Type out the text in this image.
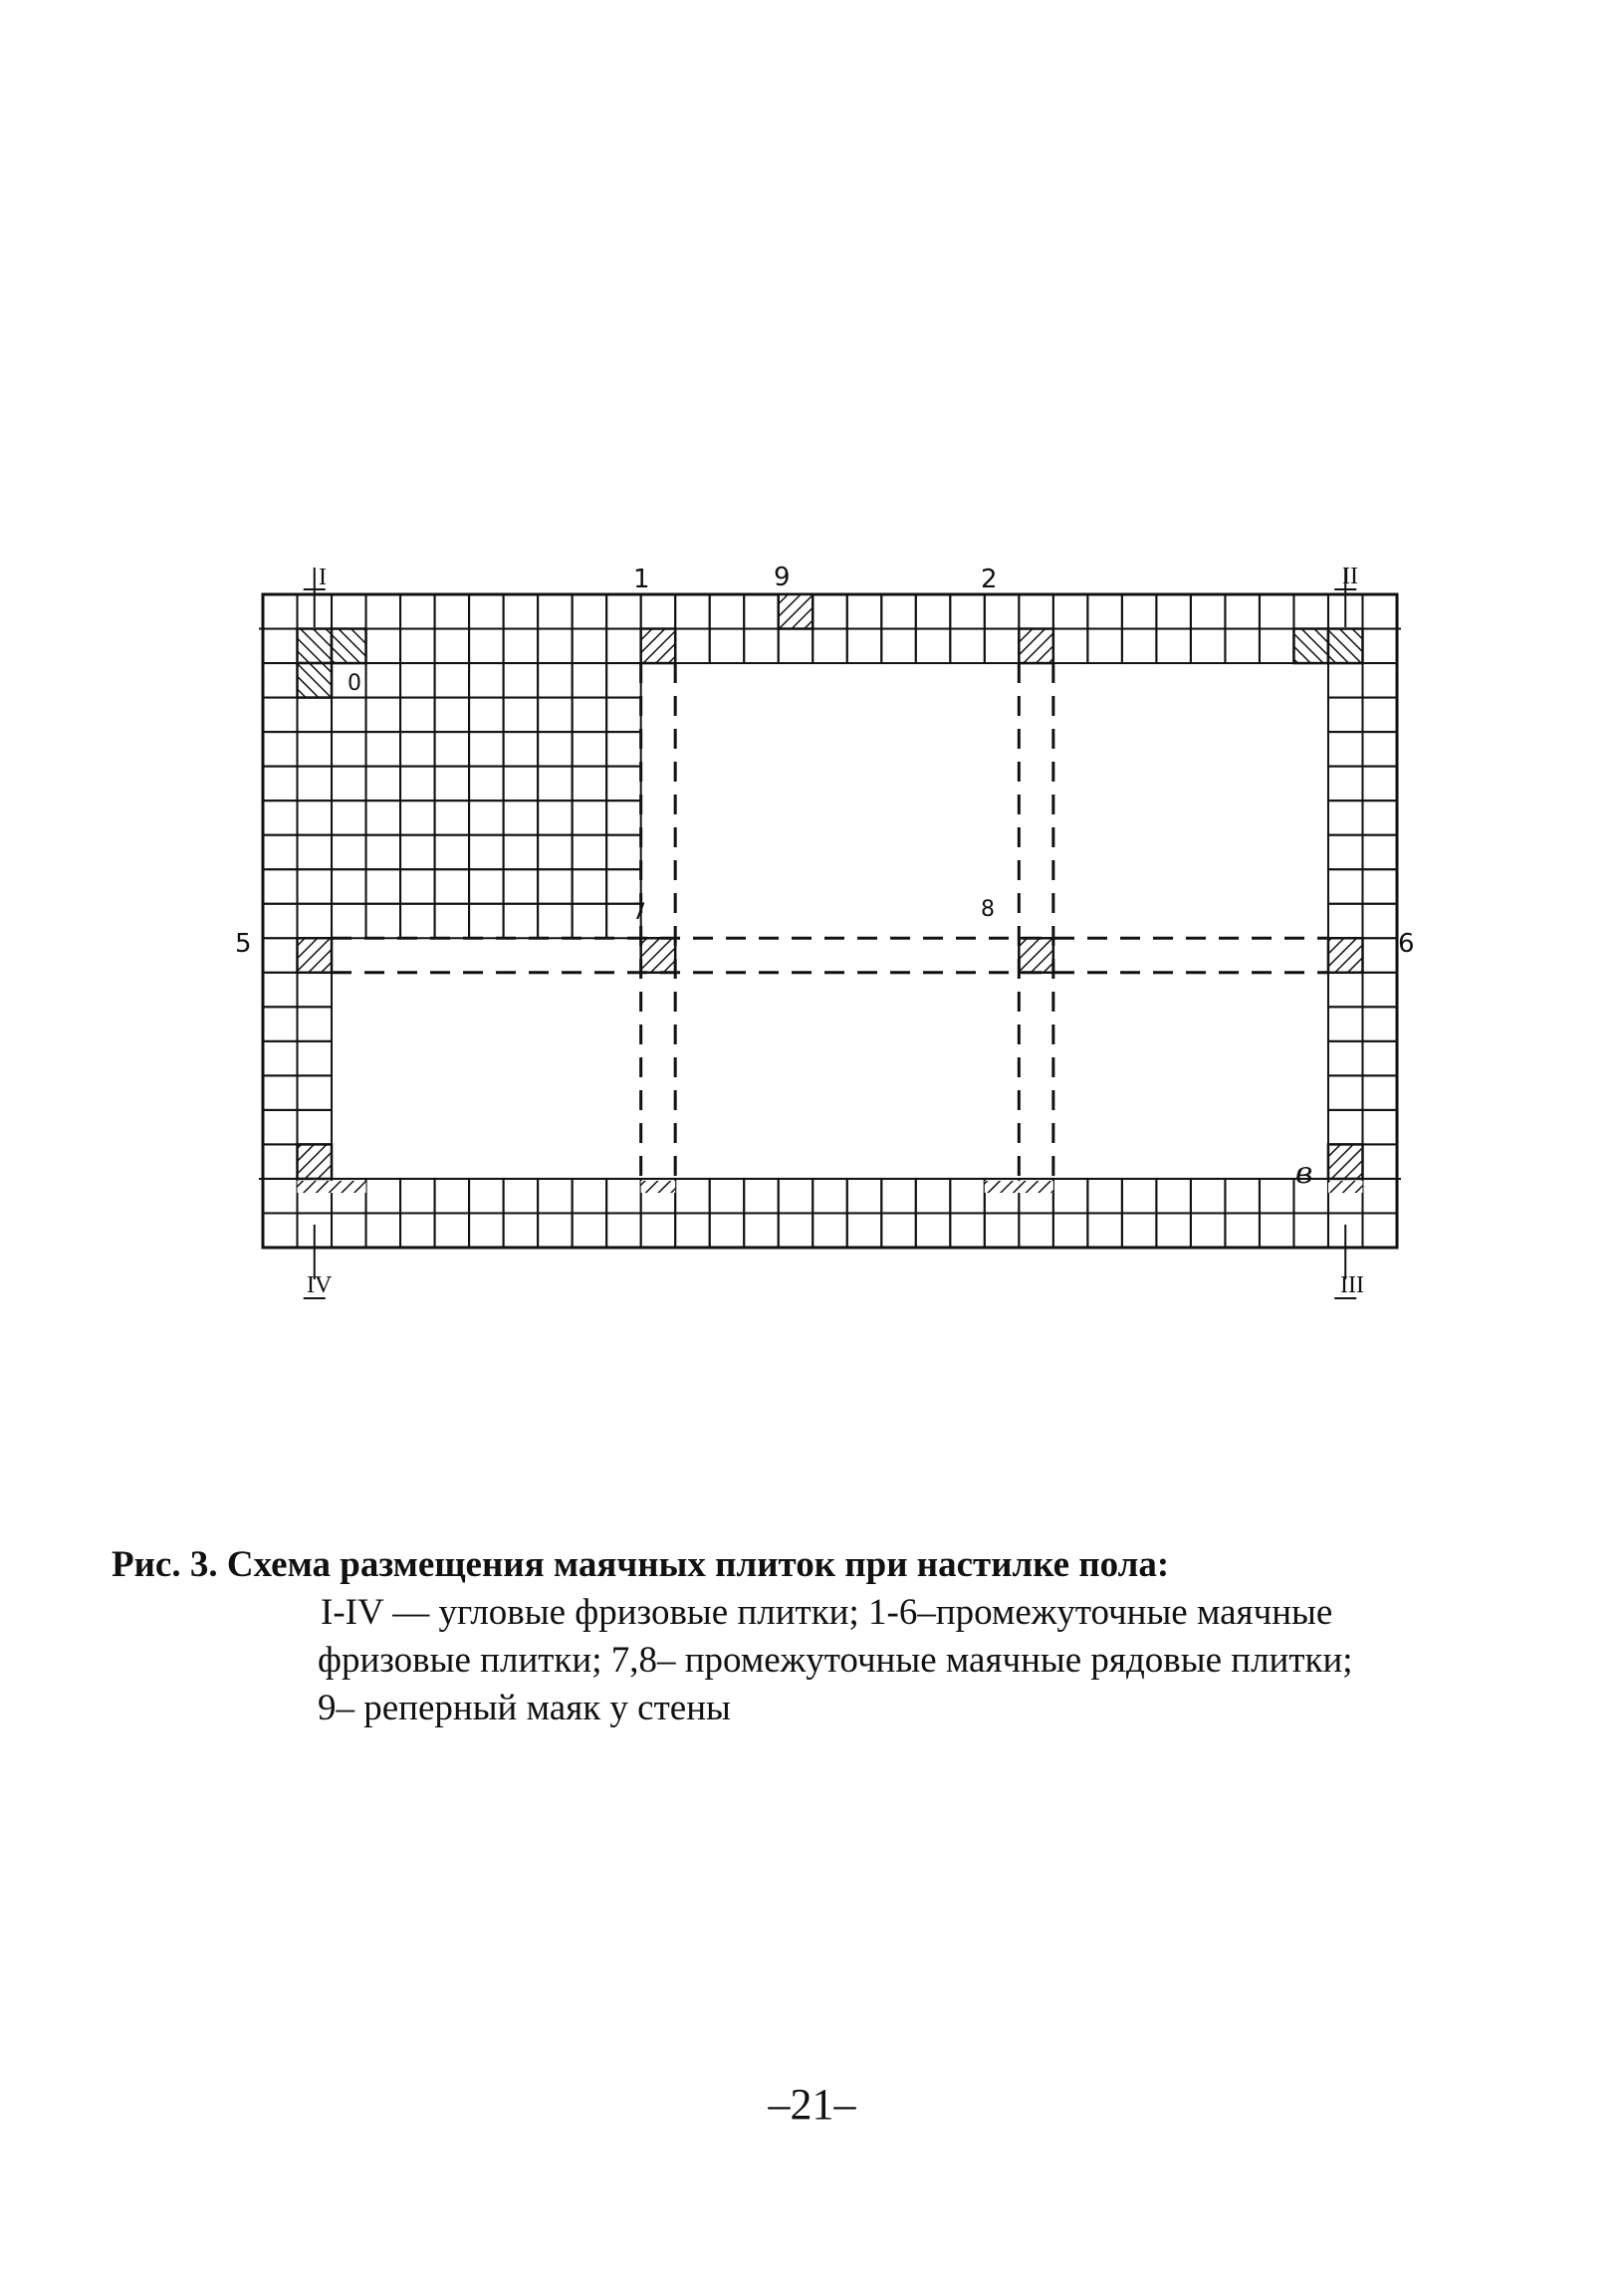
I	1	9	2	II
5	6
0
7	8
в
IV	III
Рис. 3. Схема размещения маячных плиток при настилке пола:
I-IV — угловые фризовые плитки; 1-6–промежуточные маячные
фризовые плитки; 7,8– промежуточные маячные рядовые плитки;
9– реперный маяк у стены
–21–
